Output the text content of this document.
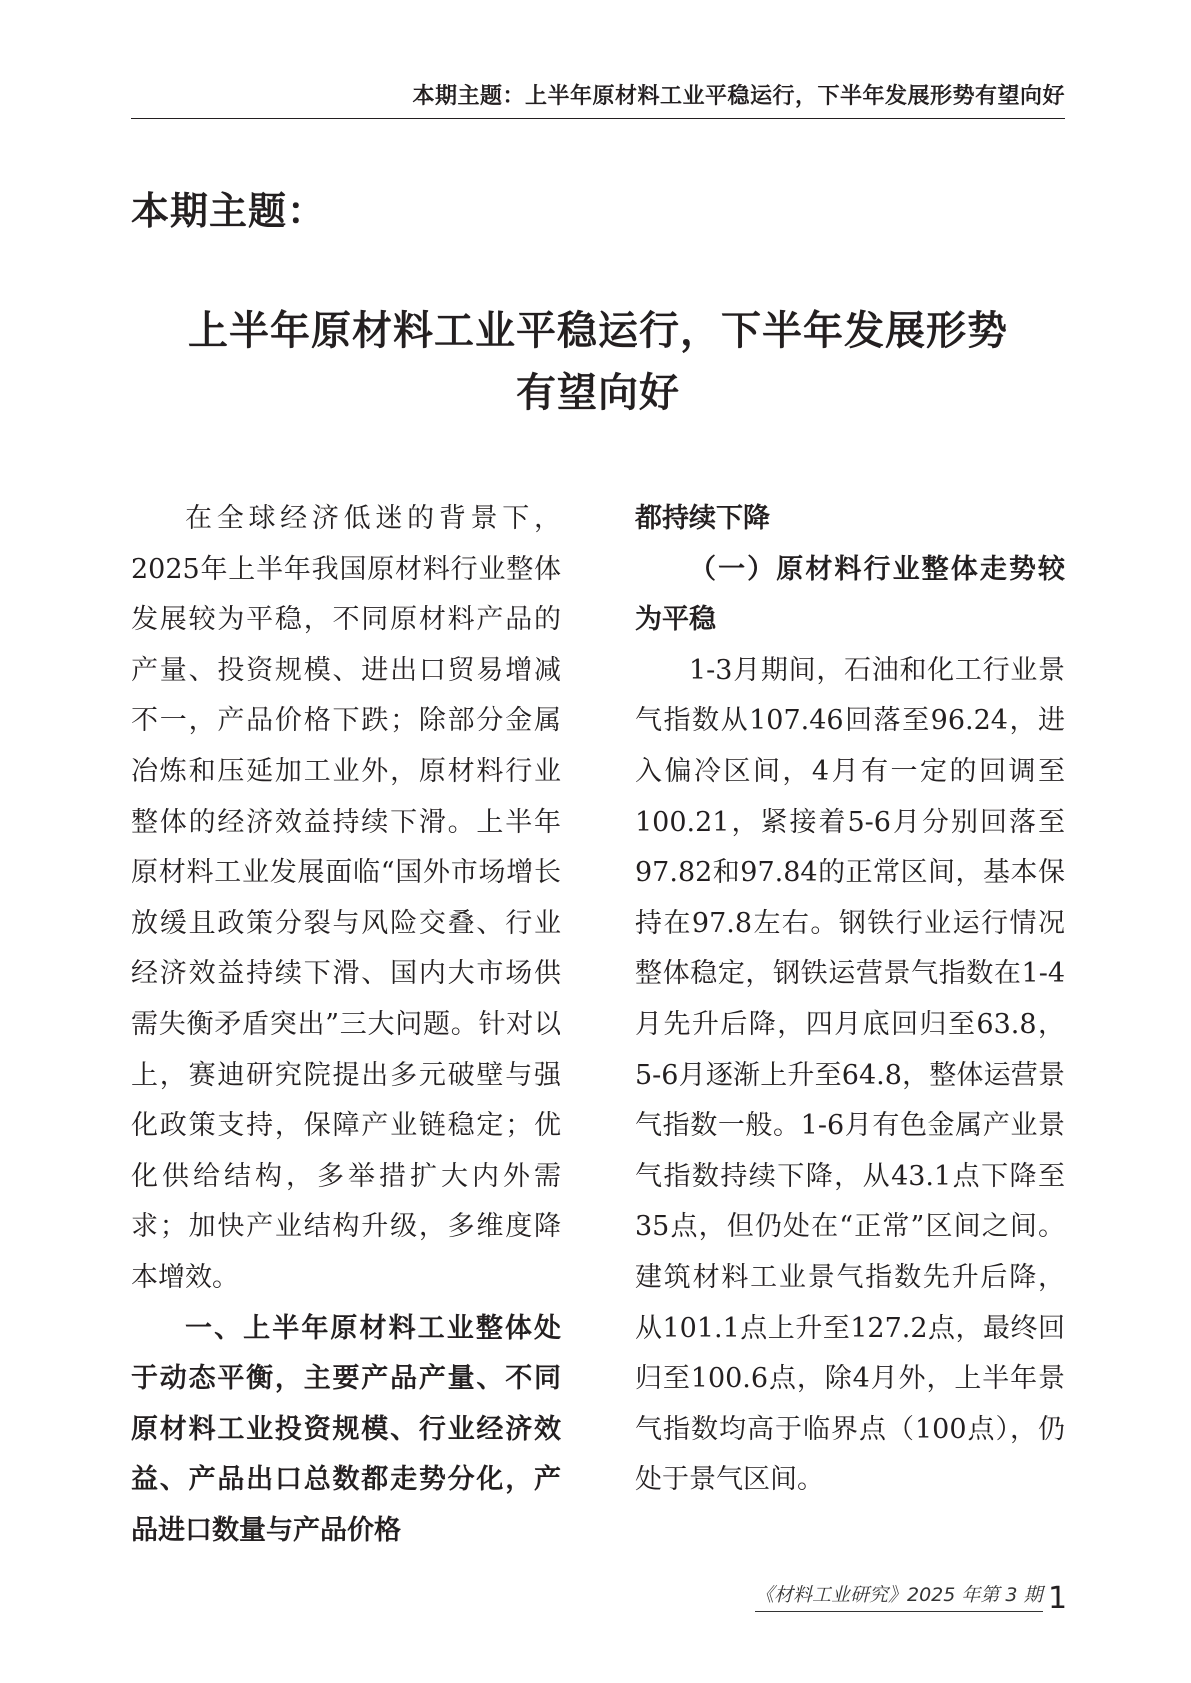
本期主题：上半年原材料工业平稳运行，下半年发展形势有望向好
本期主题：
上半年原材料工业平稳运行，下半年发展形势
有望向好

在全球经济低迷的背景下，2025年上半年我国原材料行业整体发展较为平稳，不同原材料产品的产量、投资规模、进出口贸易增减不一，产品价格下跌；除部分金属冶炼和压延加工业外，原材料行业整体的经济效益持续下滑。上半年原材料工业发展面临“国外市场增长放缓且政策分裂与风险交叠、行业经济效益持续下滑、国内大市场供需失衡矛盾突出”三大问题。针对以上，赛迪研究院提出多元破壁与强化政策支持，保障产业链稳定；优化供给结构，多举措扩大内外需求；加快产业结构升级，多维度降本增效。

一、上半年原材料工业整体处于动态平衡，主要产品产量、不同原材料工业投资规模、行业经济效益、产品出口总数都走势分化，产品进口数量与产品价格

都持续下降

（一）原材料行业整体走势较为平稳

1-3月期间，石油和化工行业景气指数从107.46回落至96.24，进入偏冷区间，4月有一定的回调至100.21，紧接着5-6月分别回落至97.82和97.84的正常区间，基本保持在97.8左右。钢铁行业运行情况整体稳定，钢铁运营景气指数在1-4月先升后降，四月底回归至63.8，5-6月逐渐上升至64.8，整体运营景气指数一般。1-6月有色金属产业景气指数持续下降，从43.1点下降至35点，但仍处在“正常”区间之间。建筑材料工业景气指数先升后降，从101.1点上升至127.2点，最终回归至100.6点，除4月外，上半年景气指数均高于临界点（100点），仍处于景气区间。

《材料工业研究》2025 年第 3 期 1
